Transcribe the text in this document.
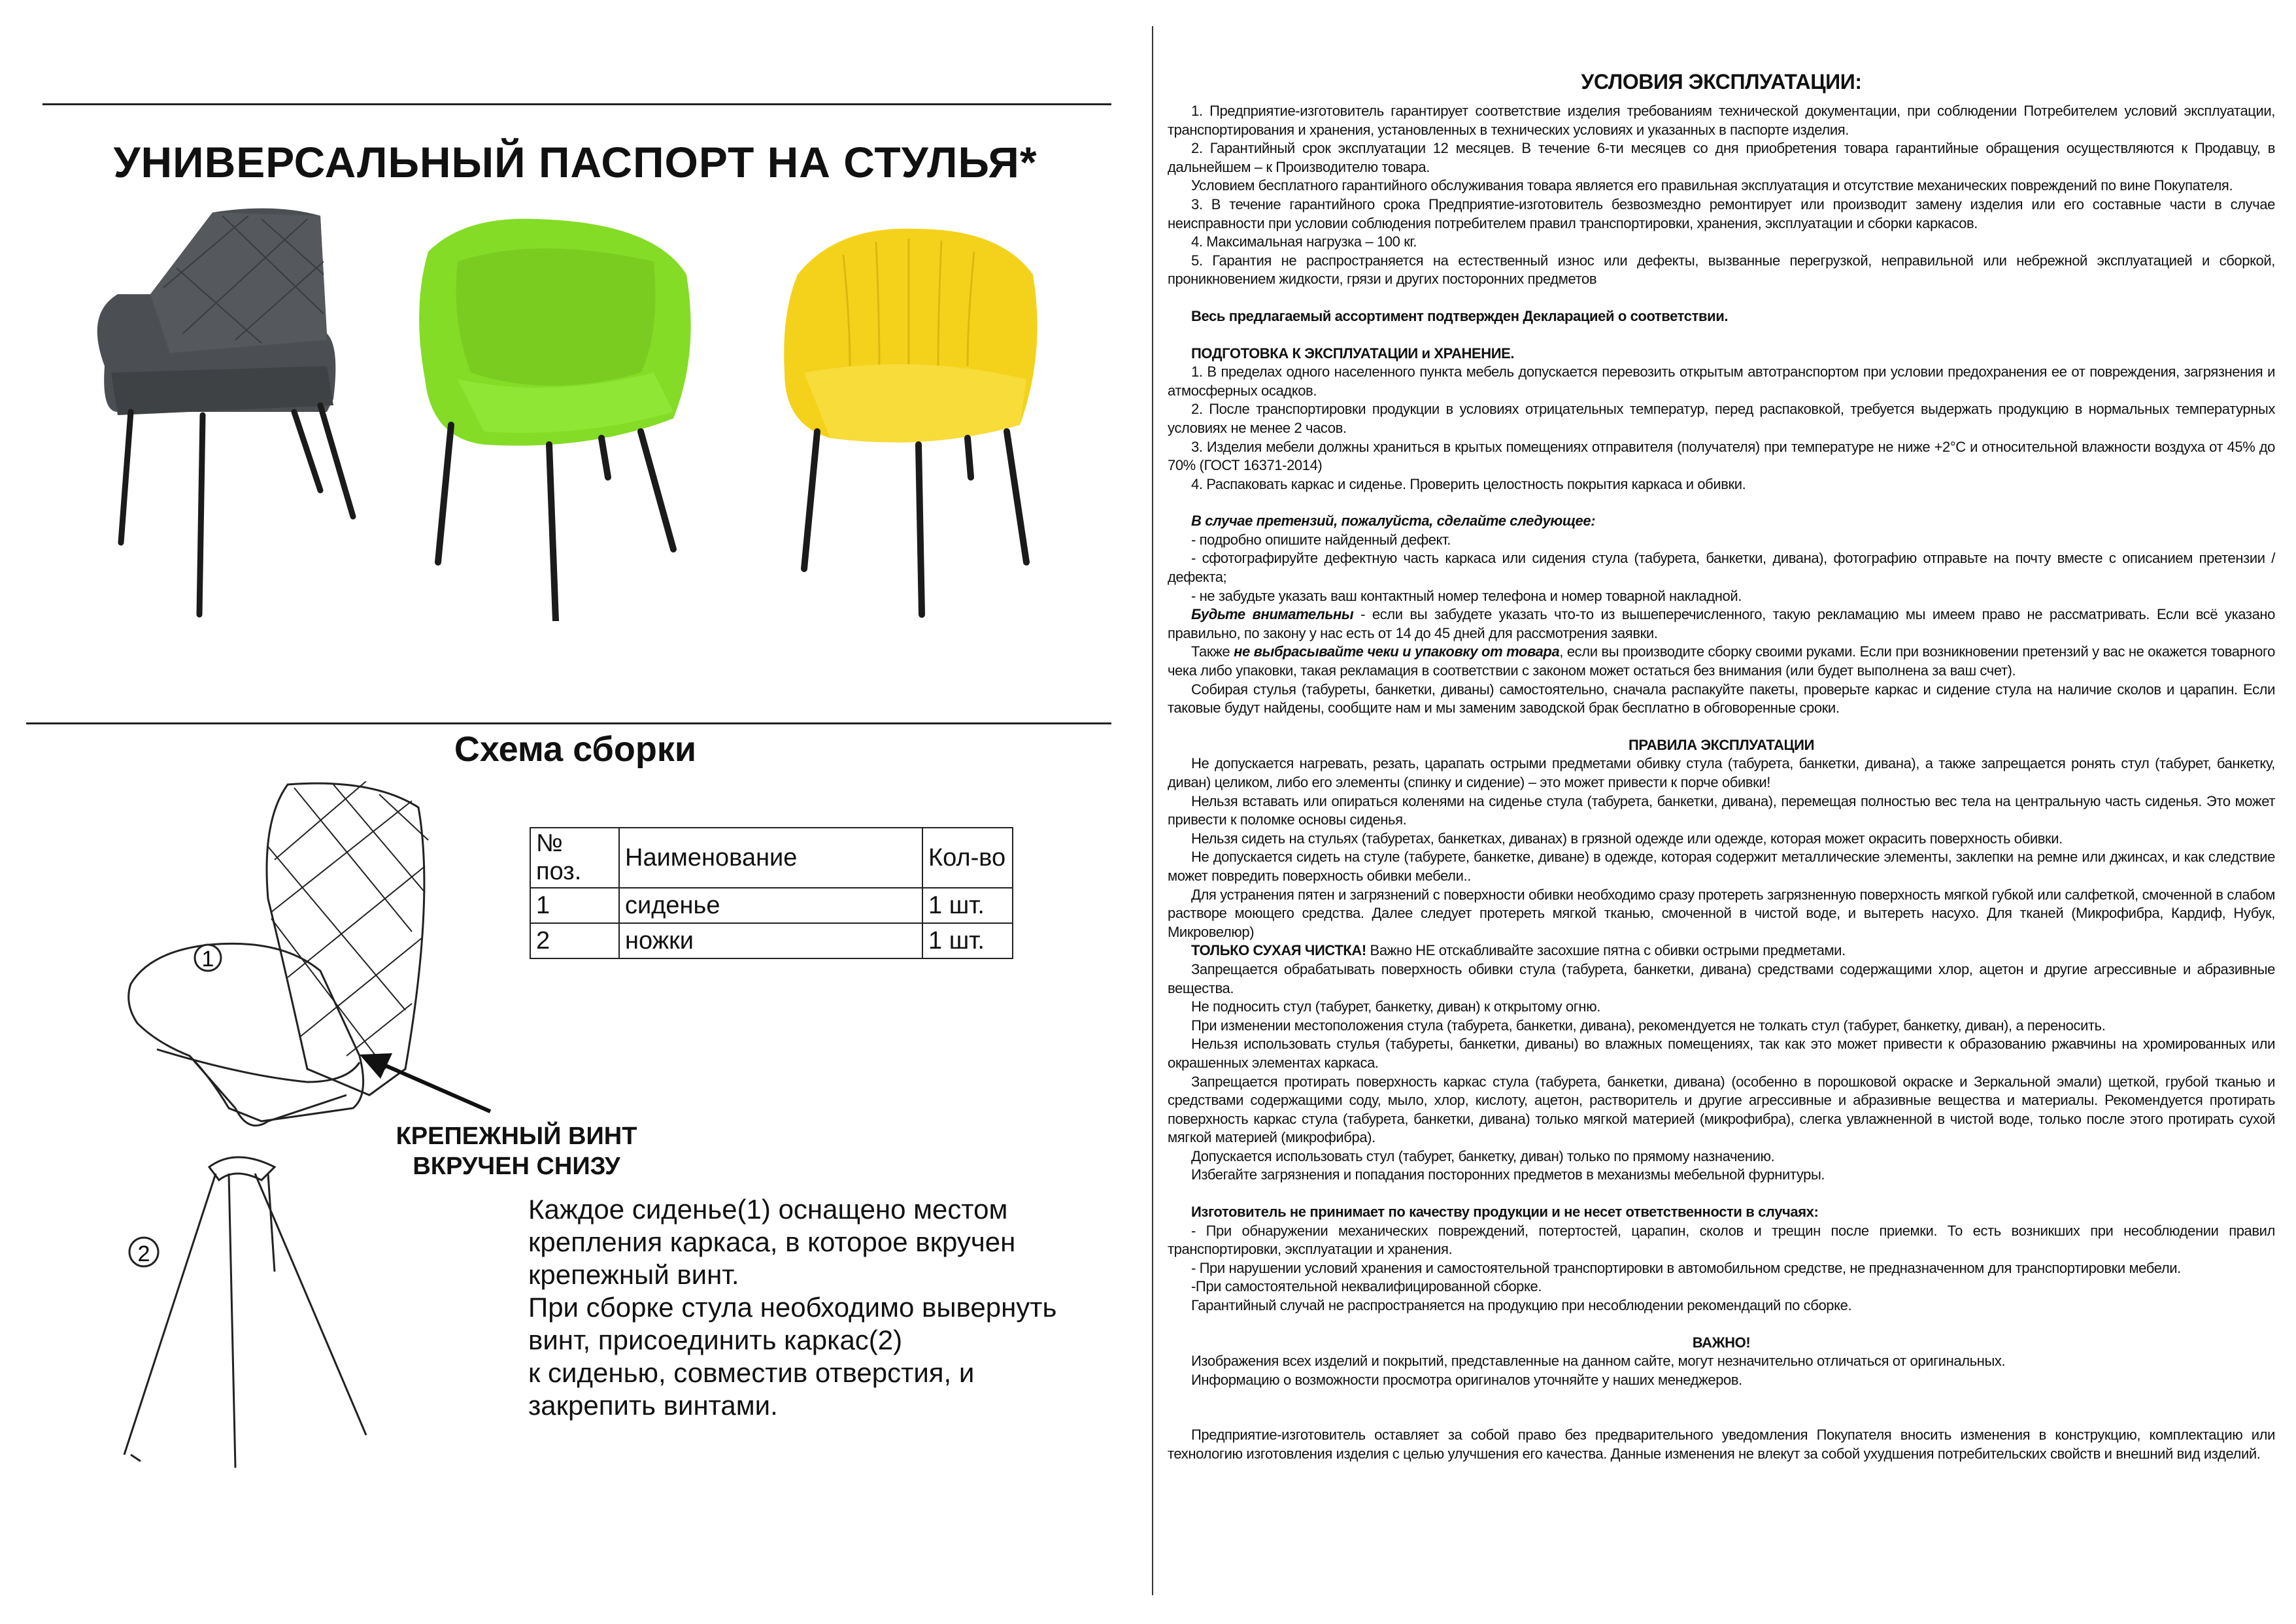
УНИВЕРСАЛЬНЫЙ ПАСПОРТ НА СТУЛЬЯ*
Схема сборки
1
2
№ поз.	Наименование	Кол-во
1	сиденье	1 шт.
2	ножки	1 шт.
КРЕПЕЖНЫЙ ВИНТ
ВКРУЧЕН СНИЗУ
Каждое сиденье(1) оснащено местом
крепления каркаса, в которое вкручен
крепежный винт.
При сборке стула необходимо вывернуть
винт, присоединить каркас(2)
к сиденью, совместив отверстия, и
закрепить винтами.

УСЛОВИЯ ЭКСПЛУАТАЦИИ:

1. Предприятие-изготовитель гарантирует соответствие изделия требованиям технической документации, при соблюдении Потребителем условий эксплуатации, транспортирования и хранения, установленных в технических условиях и указанных в паспорте изделия.

2. Гарантийный срок эксплуатации 12 месяцев. В течение 6-ти месяцев со дня приобретения товара гарантийные обращения осуществляются к Продавцу, в дальнейшем – к Производителю товара.

Условием бесплатного гарантийного обслуживания товара является его правильная эксплуатация и отсутствие механических повреждений по вине Покупателя.

3. В течение гарантийного срока Предприятие-изготовитель безвозмездно ремонтирует или производит замену изделия или его составные части в случае неисправности при условии соблюдения потребителем правил транспортировки, хранения, эксплуатации и сборки каркасов.

4. Максимальная нагрузка – 100 кг.

5. Гарантия не распространяется на естественный износ или дефекты, вызванные перегрузкой, неправильной или небрежной эксплуатацией и сборкой, проникновением жидкости, грязи и других посторонних предметов

Весь предлагаемый ассортимент подтвержден Декларацией о соответствии.

ПОДГОТОВКА К ЭКСПЛУАТАЦИИ и ХРАНЕНИЕ.

1. В пределах одного населенного пункта мебель допускается перевозить открытым автотранспортом при условии предохранения ее от повреждения, загрязнения и атмосферных осадков.

2. После транспортировки продукции в условиях отрицательных температур, перед распаковкой, требуется выдержать продукцию в нормальных температурных условиях не менее 2 часов.

3. Изделия мебели должны храниться в крытых помещениях отправителя (получателя) при температуре не ниже +2°С и относительной влажности воздуха от 45% до 70% (ГОСТ 16371-2014)

4. Распаковать каркас и сиденье. Проверить целостность покрытия каркаса и обивки.

В случае претензий, пожалуйста, сделайте следующее:

- подробно опишите найденный дефект.

- сфотографируйте дефектную часть каркаса или сидения стула (табурета, банкетки, дивана), фотографию отправьте на почту вместе с описанием претензии / дефекта;

- не забудьте указать ваш контактный номер телефона и номер товарной накладной.

Будьте внимательны - если вы забудете указать что-то из вышеперечисленного, такую рекламацию мы имеем право не рассматривать. Если всё указано правильно, по закону у нас есть от 14 до 45 дней для рассмотрения заявки.

Также не выбрасывайте чеки и упаковку от товара, если вы производите сборку своими руками. Если при возникновении претензий у вас не окажется товарного чека либо упаковки, такая рекламация в соответствии с законом может остаться без внимания (или будет выполнена за ваш счет).

Собирая стулья (табуреты, банкетки, диваны) самостоятельно, сначала распакуйте пакеты, проверьте каркас и сидение стула на наличие сколов и царапин. Если таковые будут найдены, сообщите нам и мы заменим заводской брак бесплатно в обговоренные сроки.

ПРАВИЛА ЭКСПЛУАТАЦИИ

Не допускается нагревать, резать, царапать острыми предметами обивку стула (табурета, банкетки, дивана), а также запрещается ронять стул (табурет, банкетку, диван) целиком, либо его элементы (спинку и сидение) – это может привести к порче обивки!

Нельзя вставать или опираться коленями на сиденье стула (табурета, банкетки, дивана), перемещая полностью вес тела на центральную часть сиденья. Это может привести к поломке основы сиденья.

Нельзя сидеть на стульях (табуретах, банкетках, диванах) в грязной одежде или одежде, которая может окрасить поверхность обивки.

Не допускается сидеть на стуле (табурете, банкетке, диване) в одежде, которая содержит металлические элементы, заклепки на ремне или джинсах, и как следствие может повредить поверхность обивки мебели..

Для устранения пятен и загрязнений с поверхности обивки необходимо сразу протереть загрязненную поверхность мягкой губкой или салфеткой, смоченной в слабом растворе моющего средства. Далее следует протереть мягкой тканью, смоченной в чистой воде, и вытереть насухо. Для тканей (Микрофибра, Кардиф, Нубук, Микровелюр)

ТОЛЬКО СУХАЯ ЧИСТКА! Важно НЕ отскабливайте засохшие пятна с обивки острыми предметами.

Запрещается обрабатывать поверхность обивки стула (табурета, банкетки, дивана) средствами содержащими хлор, ацетон и другие агрессивные и абразивные вещества.

Не подносить стул (табурет, банкетку, диван) к открытому огню.

При изменении местоположения стула (табурета, банкетки, дивана), рекомендуется не толкать стул (табурет, банкетку, диван), а переносить.

Нельзя использовать стулья (табуреты, банкетки, диваны) во влажных помещениях, так как это может привести к образованию ржавчины на хромированных или окрашенных элементах каркаса.

Запрещается протирать поверхность каркас стула (табурета, банкетки, дивана) (особенно в порошковой окраске и Зеркальной эмали) щеткой, грубой тканью и средствами содержащими соду, мыло, хлор, кислоту, ацетон, растворитель и другие агрессивные и абразивные вещества и материалы. Рекомендуется протирать поверхность каркас стула (табурета, банкетки, дивана) только мягкой материей (микрофибра), слегка увлажненной в чистой воде, только после этого протирать сухой мягкой материей (микрофибра).

Допускается использовать стул (табурет, банкетку, диван) только по прямому назначению.

Избегайте загрязнения и попадания посторонних предметов в механизмы мебельной фурнитуры.

Изготовитель не принимает по качеству продукции и не несет ответственности в случаях:

- При обнаружении механических повреждений, потертостей, царапин, сколов и трещин после приемки. То есть возникших при несоблюдении правил транспортировки, эксплуатации и хранения.

- При нарушении условий хранения и самостоятельной транспортировки в автомобильном средстве, не предназначенном для транспортировки мебели.

-При самостоятельной неквалифицированной сборке.

Гарантийный случай не распространяется на продукцию при несоблюдении рекомендаций по сборке.

ВАЖНО!

Изображения всех изделий и покрытий, представленные на данном сайте, могут незначительно отличаться от оригинальных.

Информацию о возможности просмотра оригиналов уточняйте у наших менеджеров.

Предприятие-изготовитель оставляет за собой право без предварительного уведомления Покупателя вносить изменения в конструкцию, комплектацию или технологию изготовления изделия с целью улучшения его качества. Данные изменения не влекут за собой ухудшения потребительских свойств и внешний вид изделий.
